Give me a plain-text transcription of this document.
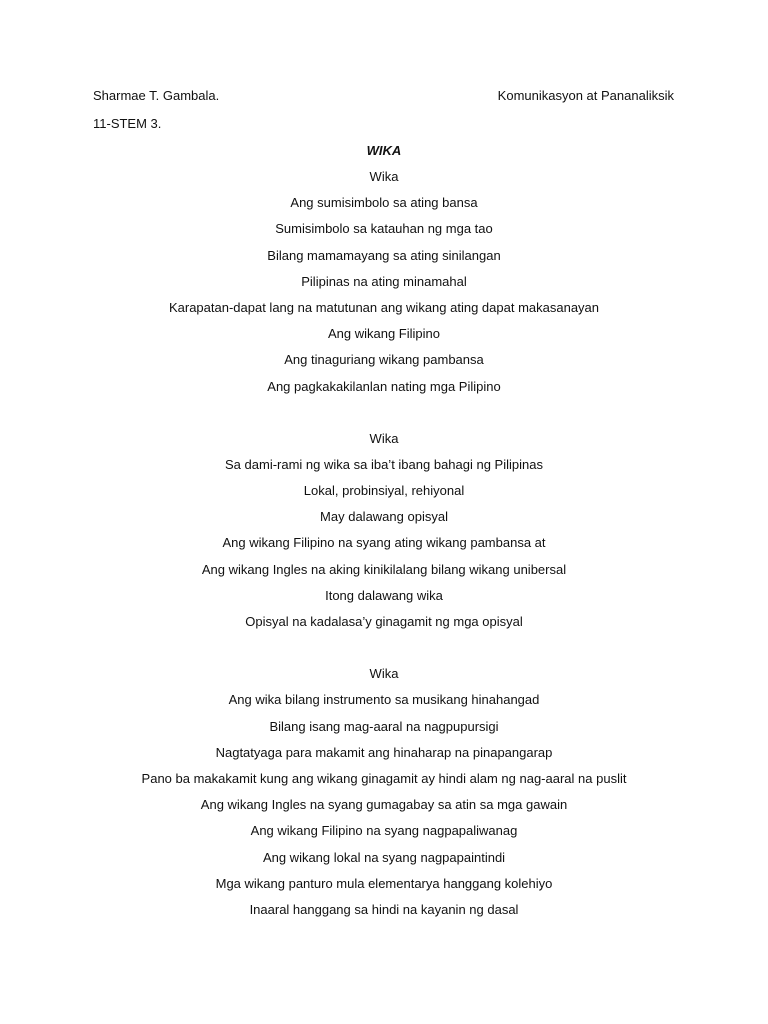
Sharmae T. Gambala.	Komunikasyon at Pananaliksik
11-STEM 3.
WIKA
Wika
Ang sumisimbolo sa ating bansa
Sumisimbolo sa katauhan ng mga tao
Bilang mamamayang sa ating sinilangan
Pilipinas na ating minamahal
Karapatan-dapat lang na matutunan ang wikang ating dapat makasanayan
Ang wikang Filipino
Ang tinaguriang wikang pambansa
Ang pagkakakilanlan nating mga Pilipino
Wika
Sa dami-rami ng wika sa iba’t ibang bahagi ng Pilipinas
Lokal, probinsiyal, rehiyonal
May dalawang opisyal
Ang wikang Filipino na syang ating wikang pambansa at
Ang wikang Ingles na aking kinikilalang bilang wikang unibersal
Itong dalawang wika
Opisyal na kadalasa’y ginagamit ng mga opisyal
Wika
Ang wika bilang instrumento sa musikang hinahangad
Bilang isang mag-aaral na nagpupursigi
Nagtatyaga para makamit ang hinaharap na pinapangarap
Pano ba makakamit kung ang wikang ginagamit ay hindi alam ng nag-aaral na puslit
Ang wikang Ingles na syang gumagabay sa atin sa mga gawain
Ang wikang Filipino na syang nagpapaliwanag
Ang wikang lokal na syang nagpapaintindi
Mga wikang panturo mula elementarya hanggang kolehiyo
Inaaral hanggang sa hindi na kayanin ng dasal
